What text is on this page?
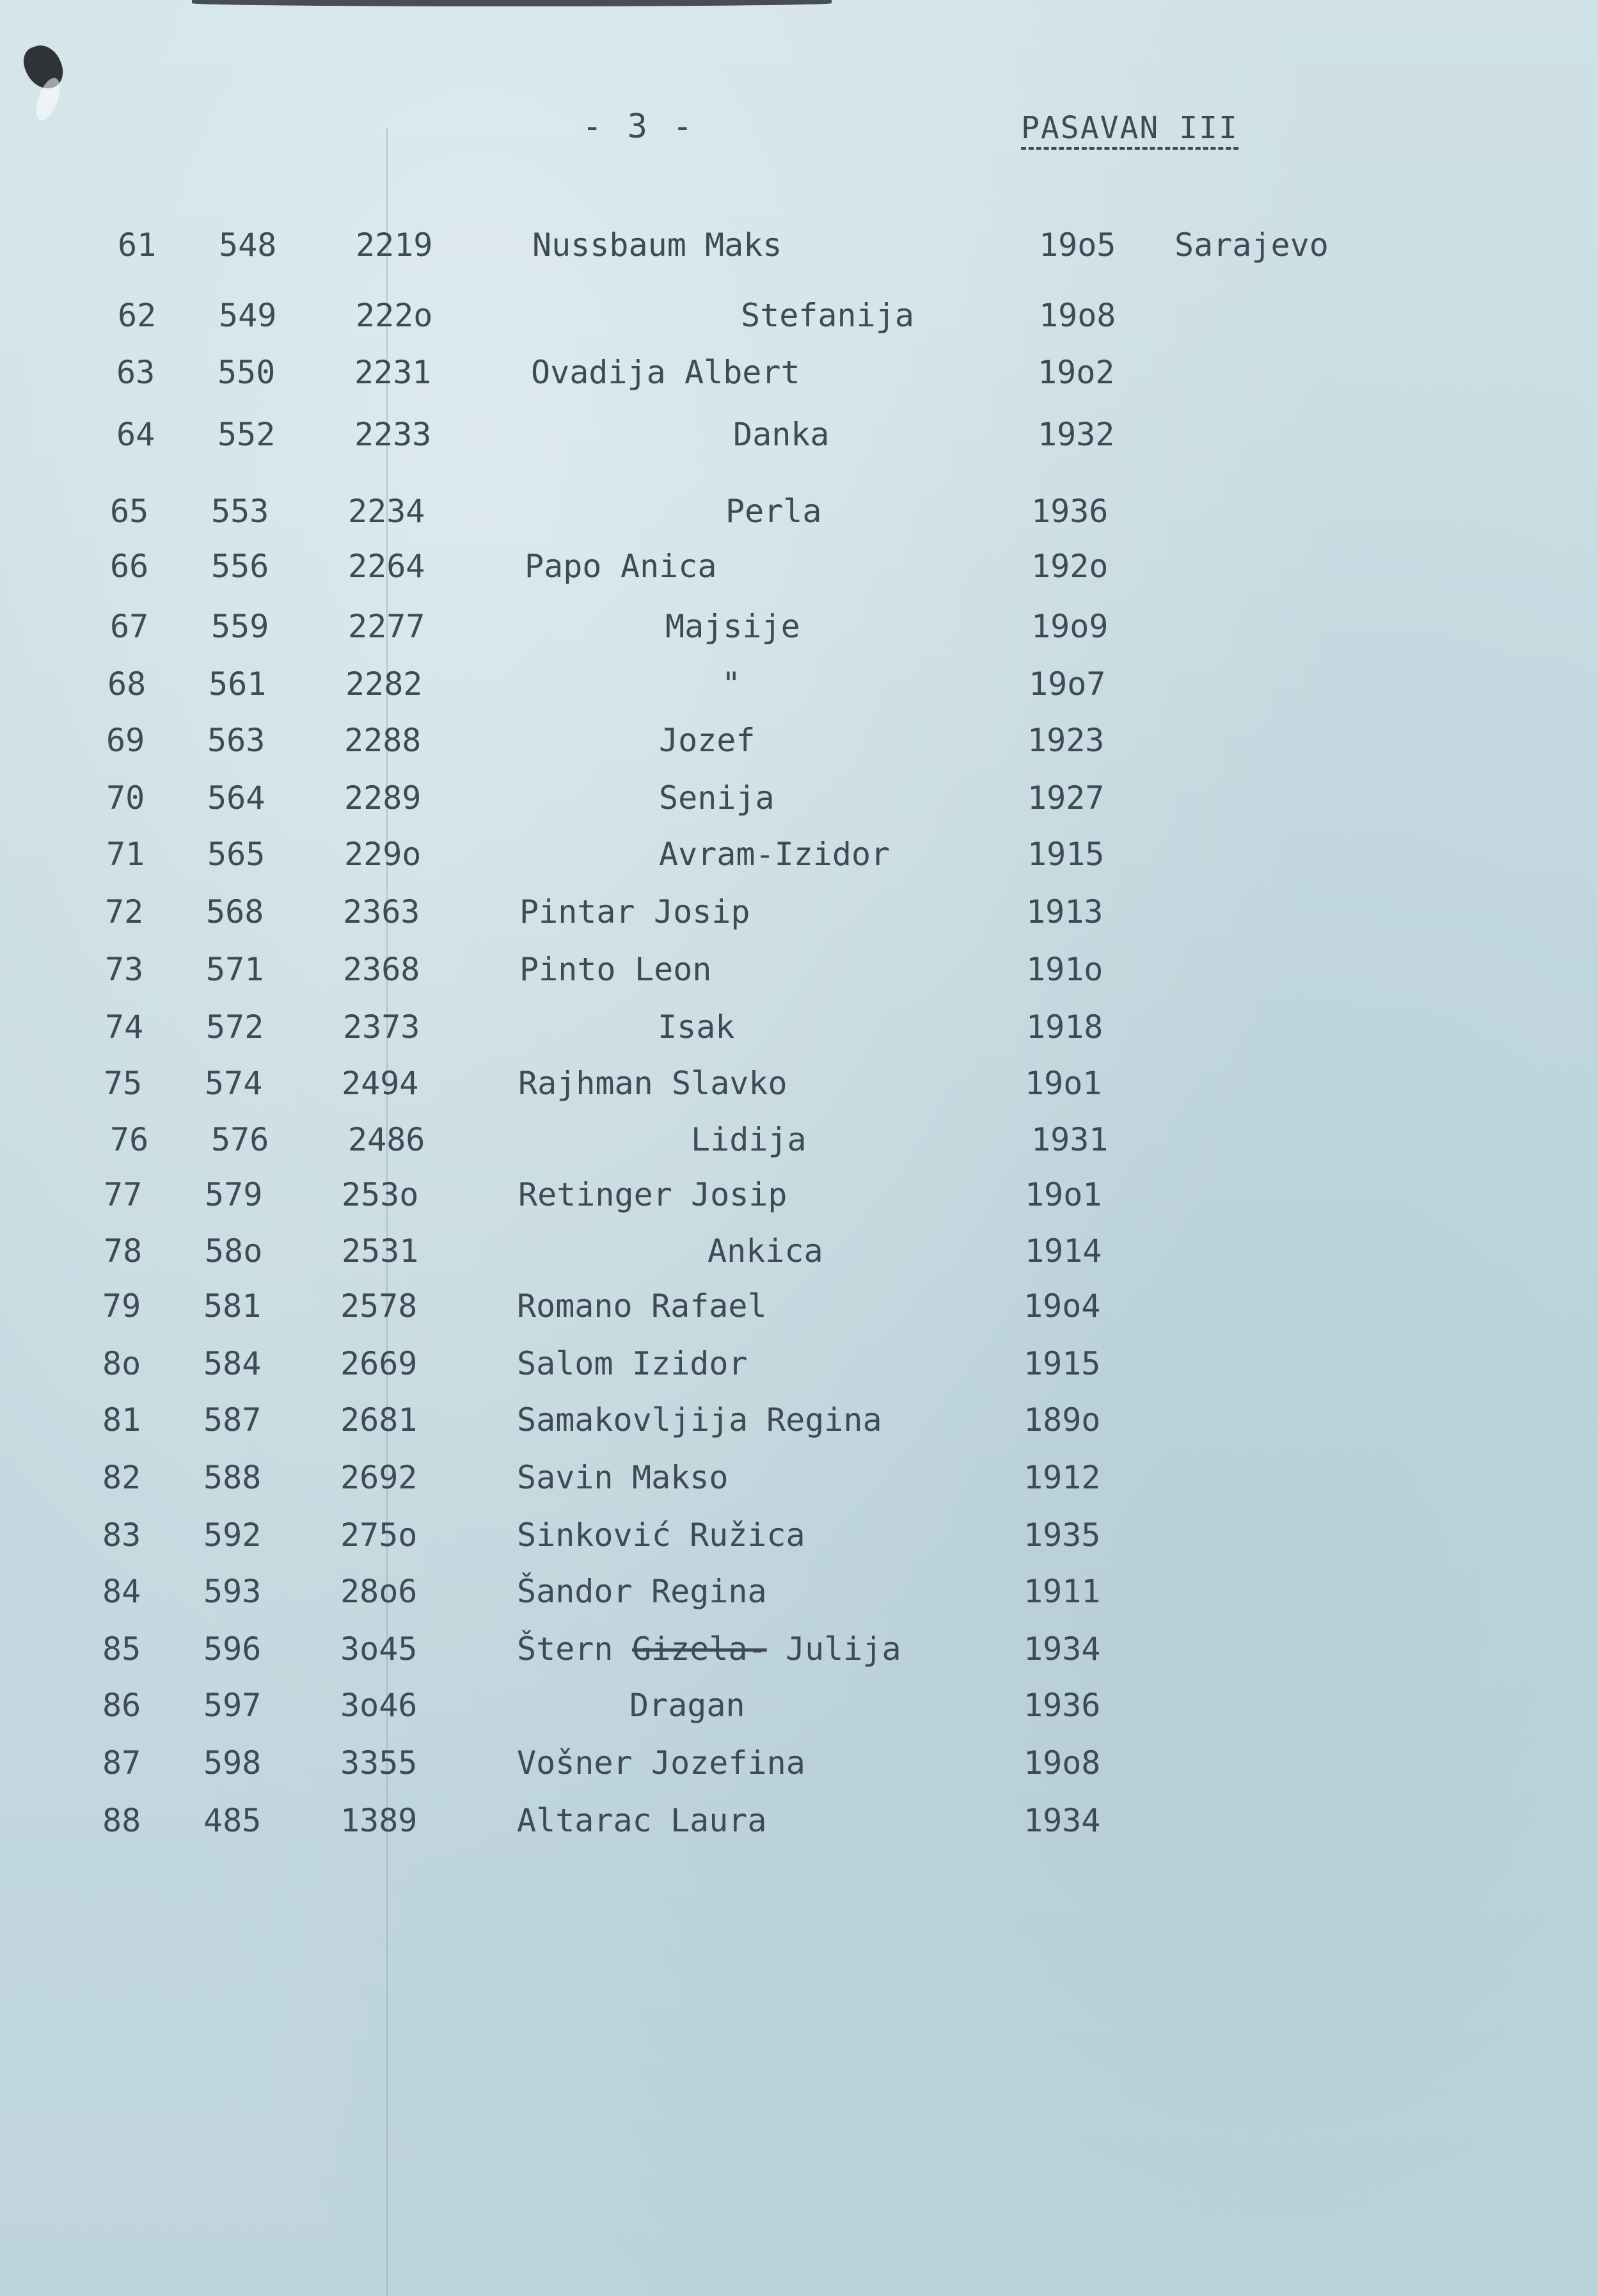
- 3 -	PASAVAN III
61 548 2219	Nussbaum Maks	19o5 Sarajevo
62 549 222o	Stefanija	19o8
63 550 2231	Ovadija Albert	19o2
64 552 2233	Danka	1932
65 553 2234	Perla	1936
66 556 2264	Papo Anica	192o
67 559 2277	Majsije	19o9
68 561 2282	"	19o7
69 563 2288	Jozef	1923
70 564 2289	Senija	1927
71 565 229o	Avram-Izidor	1915
72 568 2363	Pintar Josip	1913
73 571 2368	Pinto Leon	191o
74 572 2373	Isak	1918
75 574 2494	Rajhman Slavko	19o1
76 576 2486	Lidija	1931
77 579 253o	Retinger Josip	19o1
78 58o 2531	Ankica	1914
79 581 2578	Romano Rafael	19o4
8o 584 2669	Salom Izidor	1915
81 587 2681	Samakovljija Regina	189o
82 588 2692	Savin Makso	1912
83 592 275o	Sinković Ružica	1935
84 593 28o6	Šandor Regina	1911
85 596 3o45	Štern Gizela- Julija	1934
86 597 3o46	Dragan	1936
87 598 3355	Vošner Jozefina	19o8
88 485 1389	Altarac Laura	1934
